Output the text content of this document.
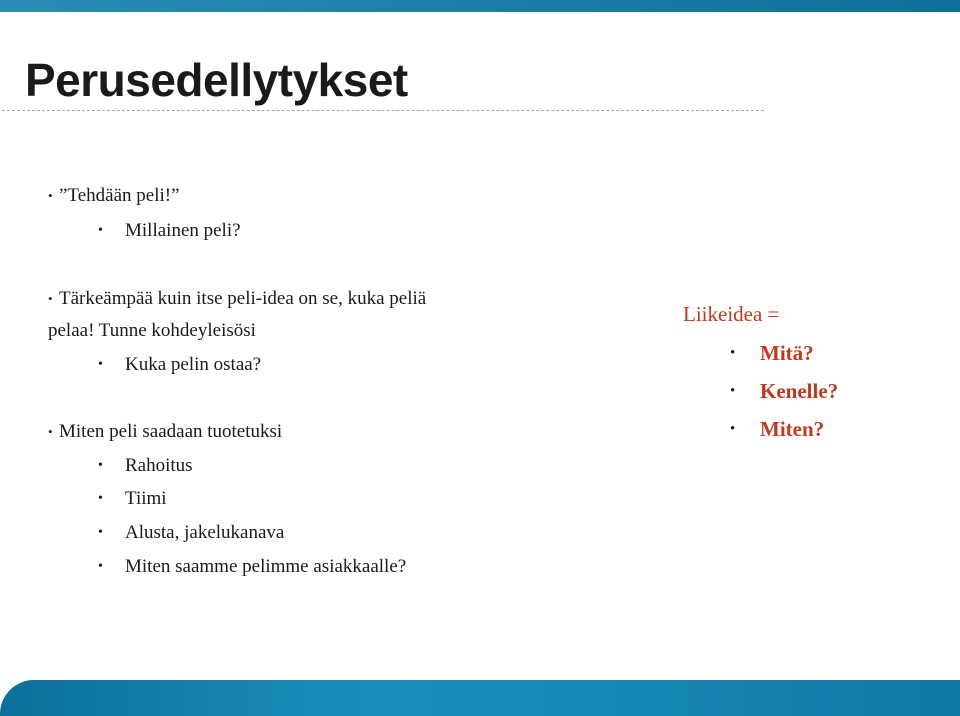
Perusedellytykset
• ”Tehdään peli!”
• Millainen peli?
• Tärkeämpää kuin itse peli-idea on se, kuka peliä
pelaa! Tunne kohdeyleisösi
• Kuka pelin ostaa?
• Miten peli saadaan tuotetuksi
• Rahoitus
• Tiimi
• Alusta, jakelukanava
• Miten saamme pelimme asiakkaalle?
Liikeidea =
• Mitä?
• Kenelle?
• Miten?
